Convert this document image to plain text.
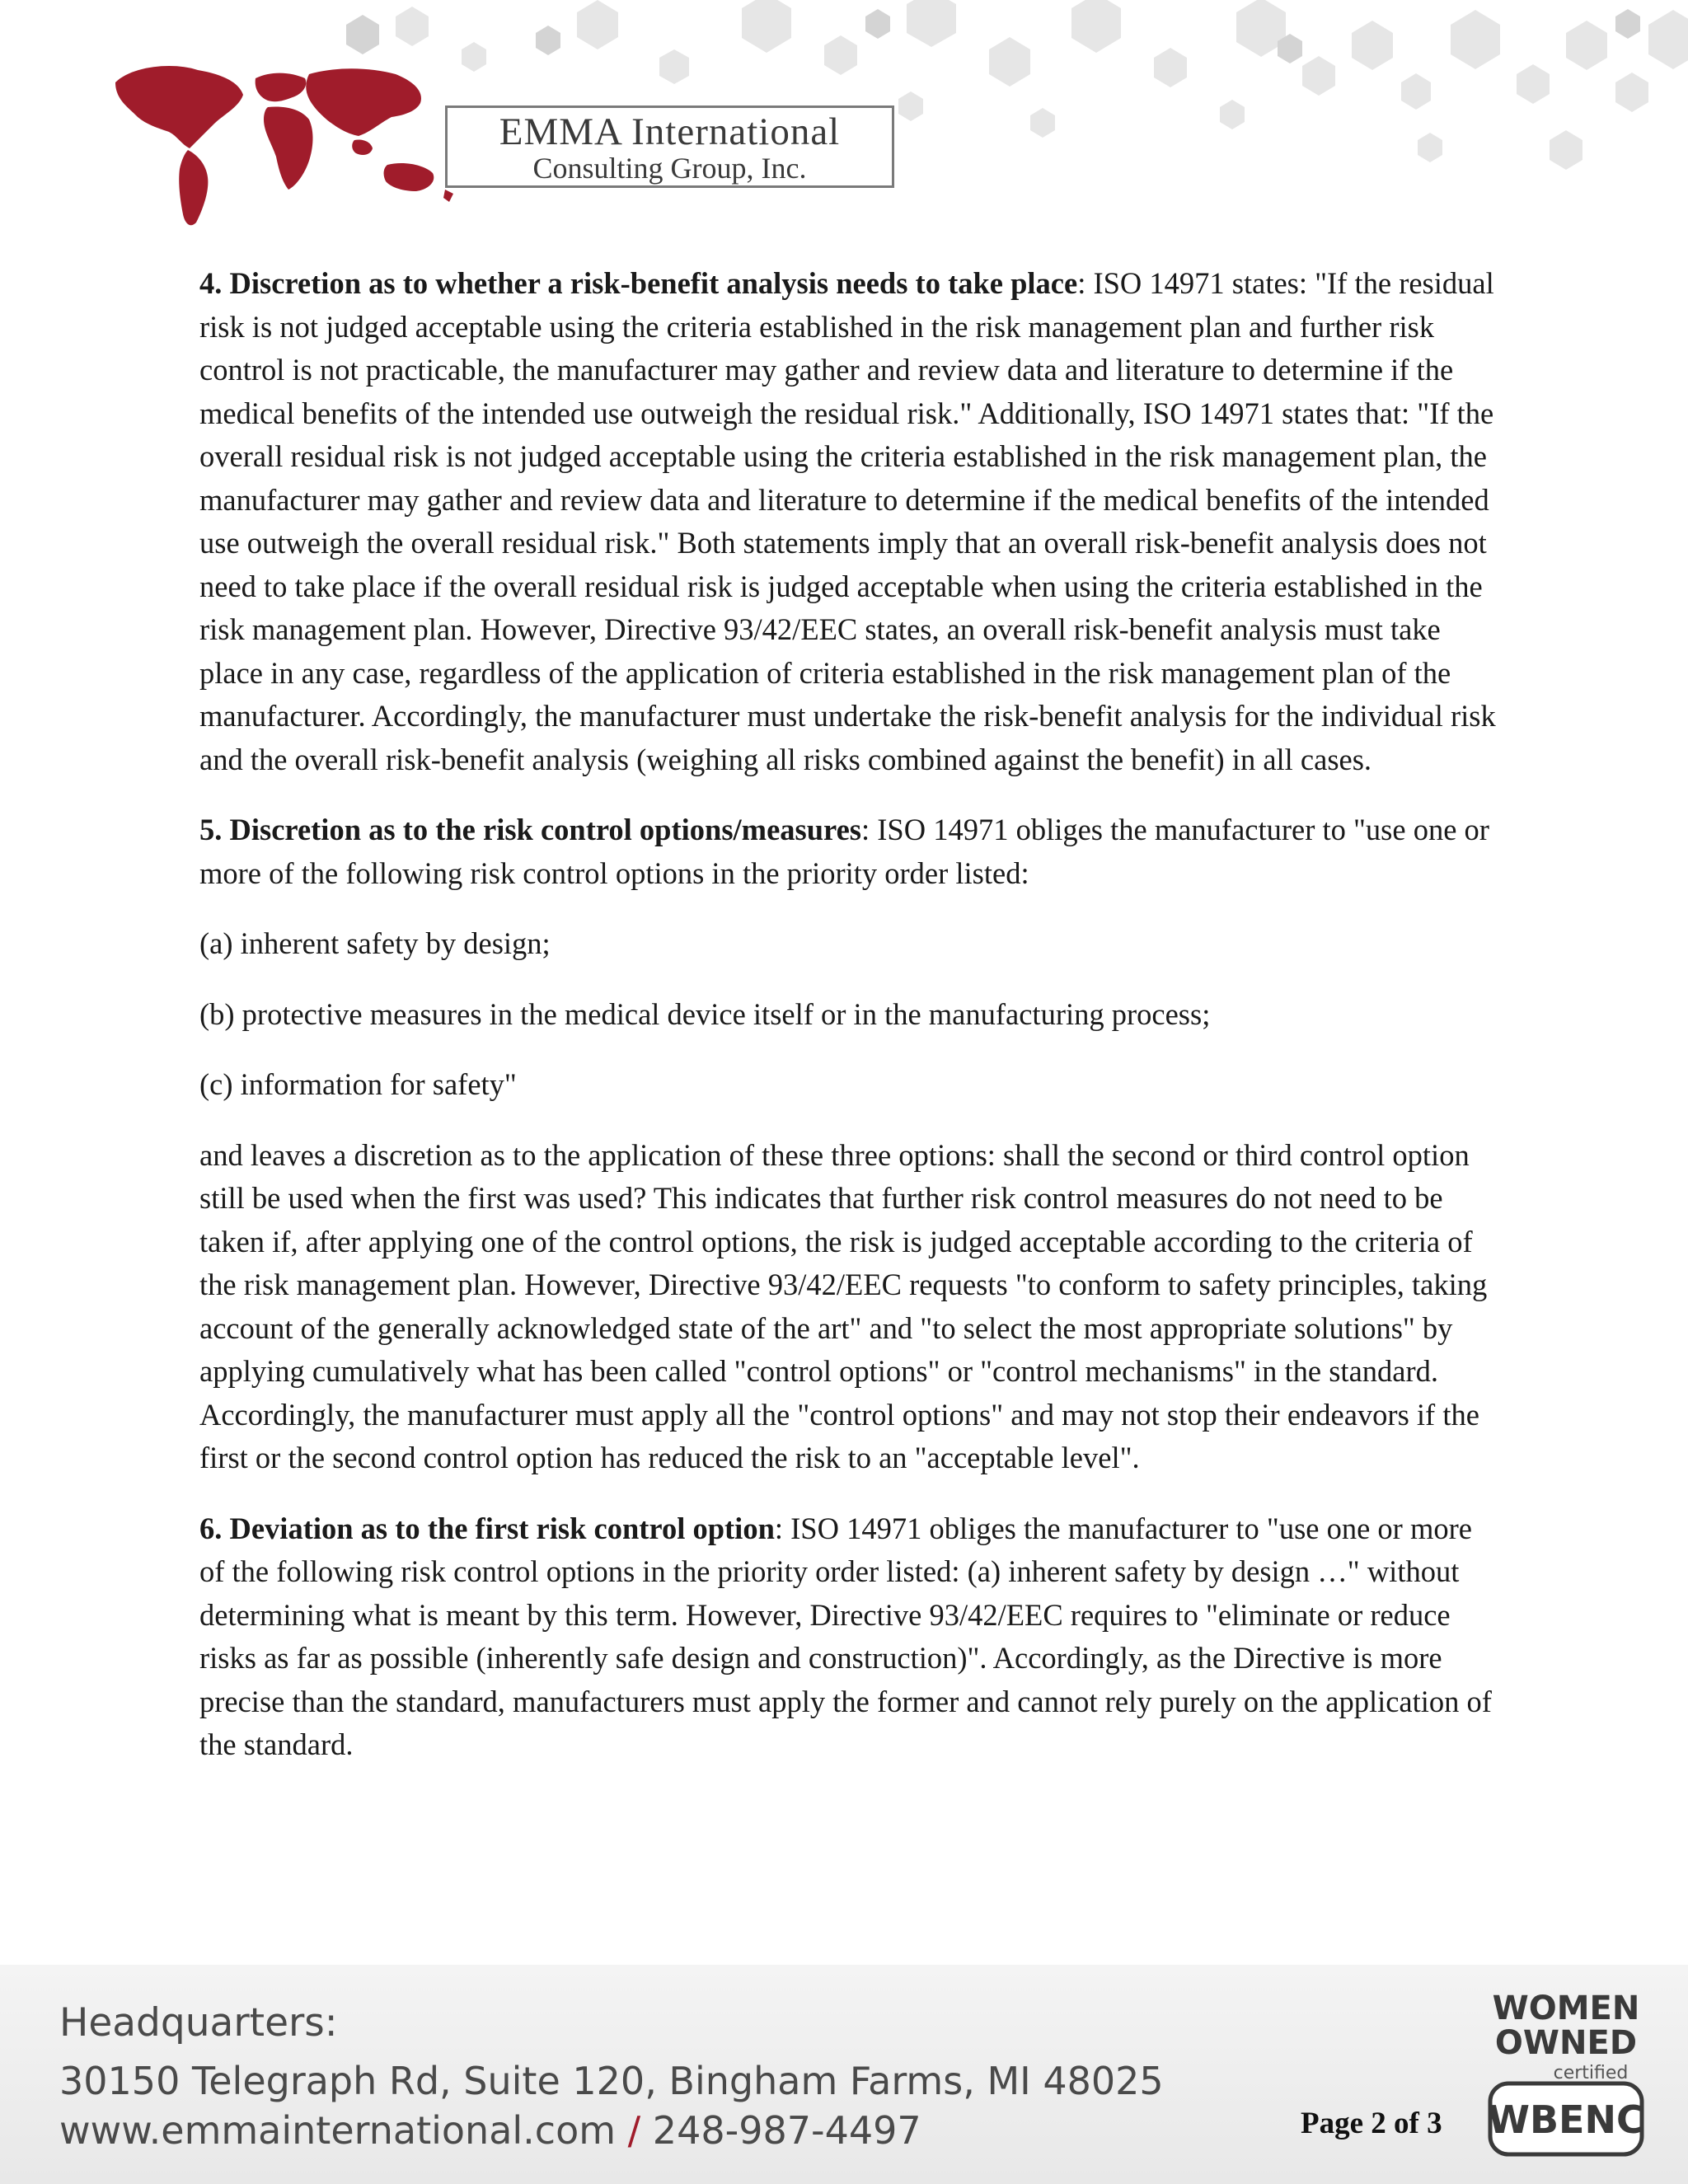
EMMA International
Consulting Group, Inc.

4. Discretion as to whether a risk-benefit analysis needs to take place: ISO 14971 states: "If the residual risk is not judged acceptable using the criteria established in the risk management plan and further risk control is not practicable, the manufacturer may gather and review data and literature to determine if the medical benefits of the intended use outweigh the residual risk." Additionally, ISO 14971 states that: "If the overall residual risk is not judged acceptable using the criteria established in the risk management plan, the manufacturer may gather and review data and literature to determine if the medical benefits of the intended use outweigh the overall residual risk." Both statements imply that an overall risk-benefit analysis does not need to take place if the overall residual risk is judged acceptable when using the criteria established in the risk management plan. However, Directive 93/42/EEC states, an overall risk-benefit analysis must take place in any case, regardless of the application of criteria established in the risk management plan of the manufacturer. Accordingly, the manufacturer must undertake the risk-benefit analysis for the individual risk and the overall risk-benefit analysis (weighing all risks combined against the benefit) in all cases.

5. Discretion as to the risk control options/measures: ISO 14971 obliges the manufacturer to "use one or more of the following risk control options in the priority order listed:

(a) inherent safety by design;

(b) protective measures in the medical device itself or in the manufacturing process;

(c) information for safety"

and leaves a discretion as to the application of these three options: shall the second or third control option still be used when the first was used? This indicates that further risk control measures do not need to be taken if, after applying one of the control options, the risk is judged acceptable according to the criteria of the risk management plan. However, Directive 93/42/EEC requests "to conform to safety principles, taking account of the generally acknowledged state of the art" and "to select the most appropriate solutions" by applying cumulatively what has been called "control options" or "control mechanisms" in the standard. Accordingly, the manufacturer must apply all the "control options" and may not stop their endeavors if the first or the second control option has reduced the risk to an "acceptable level".

6. Deviation as to the first risk control option: ISO 14971 obliges the manufacturer to "use one or more of the following risk control options in the priority order listed: (a) inherent safety by design …" without determining what is meant by this term. However, Directive 93/42/EEC requires to "eliminate or reduce risks as far as possible (inherently safe design and construction)". Accordingly, as the Directive is more precise than the standard, manufacturers must apply the former and cannot rely purely on the application of the standard.

Headquarters:
30150 Telegraph Rd, Suite 120, Bingham Farms, MI 48025
www.emmainternational.com / 248-987-4497	Page 2 of 3
WOMEN
OWNED
certified
WBENC
